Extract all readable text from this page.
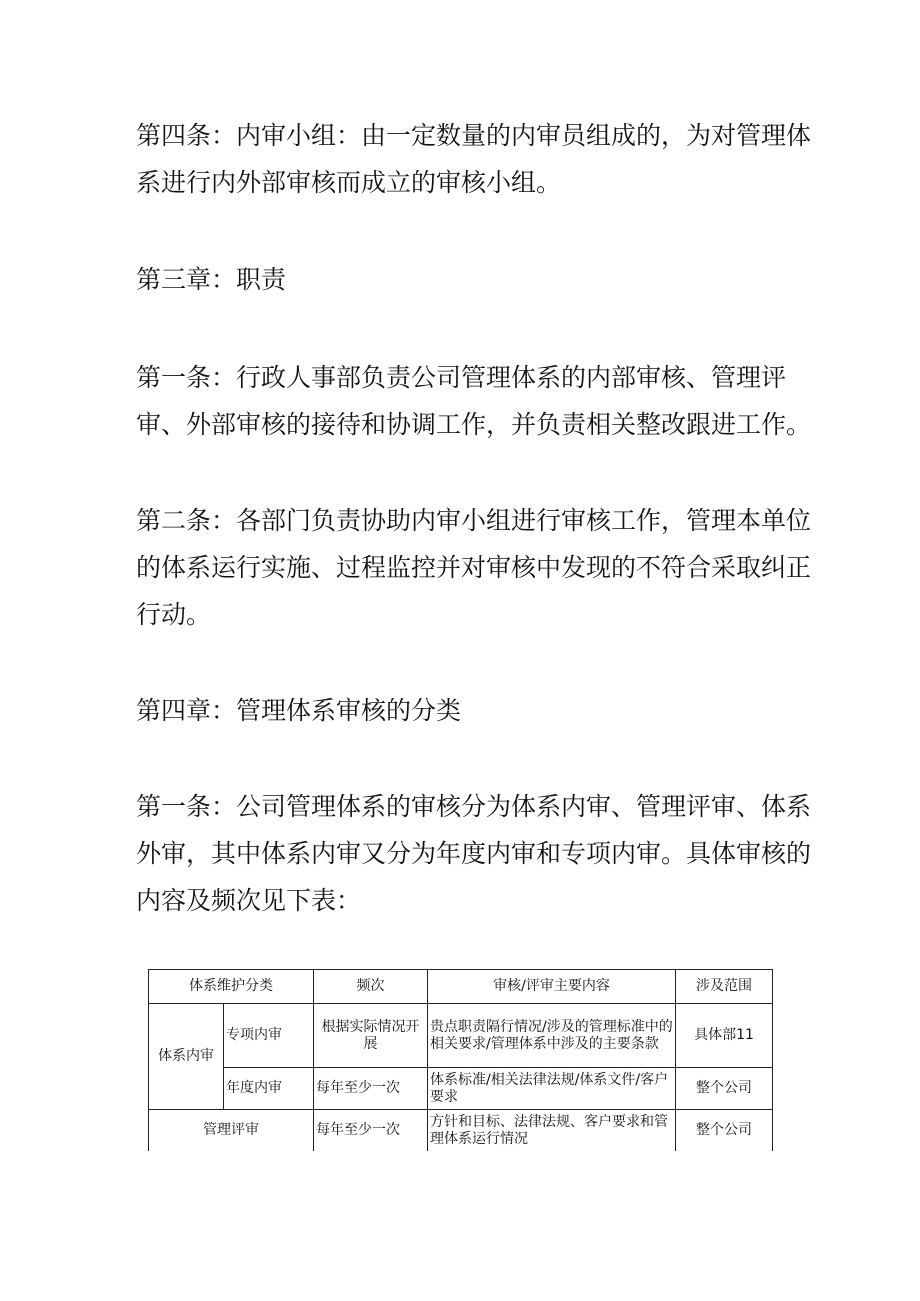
第四条：内审小组：由一定数量的内审员组成的，为对管理体
系进行内外部审核而成立的审核小组。

第三章：职责

第一条：行政人事部负责公司管理体系的内部审核、管理评
审、外部审核的接待和协调工作，并负责相关整改跟进工作。

第二条：各部门负责协助内审小组进行审核工作，管理本单位
的体系运行实施、过程监控并对审核中发现的不符合采取纠正
行动。

第四章：管理体系审核的分类

第一条：公司管理体系的审核分为体系内审、管理评审、体系
外审，其中体系内审又分为年度内审和专项内审。具体审核的
内容及频次见下表：

体系维护分类		频次	审核/评审主要内容	涉及范围
体系内审	专项内审	根据实际情况开展	贵点职责隔行情况/涉及的管理标准中的相关要求/管理体系中涉及的主要条款	具体部11
	年度内审	每年至少一次	体系标准/相关法律法规/体系文件/客户要求	整个公司
管理评审		每年至少一次	方针和目标、法律法规、客户要求和管理体系运行情况	整个公司
